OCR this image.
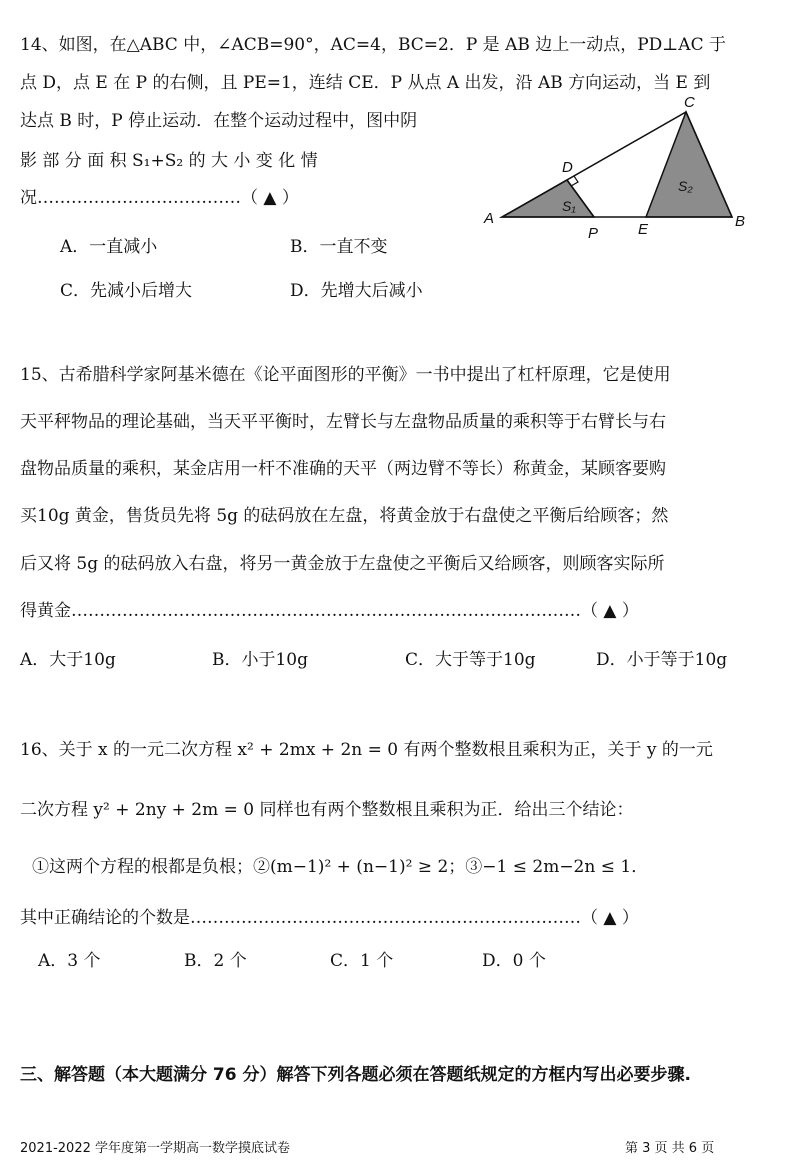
14、如图，在△ABC 中，∠ACB=90°，AC=4，BC=2．P 是 AB 边上一动点，PD⊥AC 于
点 D，点 E 在 P 的右侧，且 PE=1，连结 CE．P 从点 A 出发，沿 AB 方向运动，当 E 到
达点 B 时，P 停止运动．在整个运动过程中，图中阴
影 部 分 面 积 S₁+S₂ 的 大 小 变 化 情
况………………………………（ ▲ ）
A．一直减小	B．一直不变
C．先减小后增大	D．先增大后减小
A	B
C
D
P	E
S₁
S₂
15、古希腊科学家阿基米德在《论平面图形的平衡》一书中提出了杠杆原理，它是使用
天平秤物品的理论基础，当天平平衡时，左臂长与左盘物品质量的乘积等于右臂长与右
盘物品质量的乘积，某金店用一杆不准确的天平（两边臂不等长）称黄金，某顾客要购
买10g 黄金，售货员先将 5g 的砝码放在左盘，将黄金放于右盘使之平衡后给顾客；然
后又将 5g 的砝码放入右盘，将另一黄金放于左盘使之平衡后又给顾客，则顾客实际所
得黄金………………………………………………………………………………（ ▲ ）
A．大于10g	B．小于10g	C．大于等于10g	D．小于等于10g
16、关于 x 的一元二次方程 x² + 2mx + 2n = 0 有两个整数根且乘积为正，关于 y 的一元
二次方程 y² + 2ny + 2m = 0 同样也有两个整数根且乘积为正．给出三个结论：
①这两个方程的根都是负根；②(m−1)² + (n−1)² ≥ 2；③−1 ≤ 2m−2n ≤ 1．
其中正确结论的个数是……………………………………………………………（ ▲ ）
A．3 个	B．2 个	C．1 个	D．0 个
三、解答题（本大题满分 76 分）解答下列各题必须在答题纸规定的方框内写出必要步骤.
2021-2022 学年度第一学期高一数学摸底试卷	第 3 页 共 6 页
